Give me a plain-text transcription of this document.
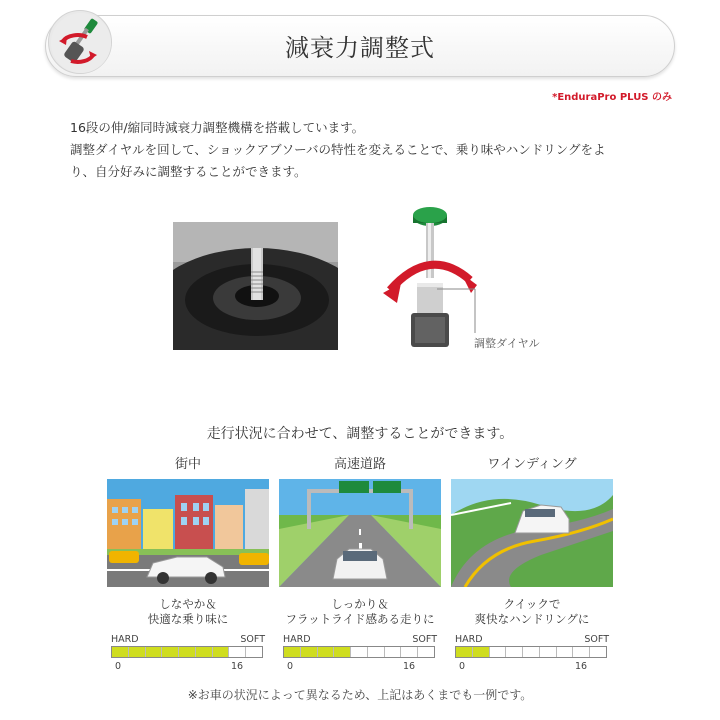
減衰力調整式
*EnduraPro PLUS のみ
16段の伸/縮同時減衰力調整機構を搭載しています。
調整ダイヤルを回して、ショックアブソーバの特性を変えることで、乗り味やハンドリングをよ
り、自分好みに調整することができます。
調整ダイヤル
走行状況に合わせて、調整することができます。
街中
しなやか＆
快適な乗り味に
HARD	SOFT
0	16
高速道路
しっかり＆
フラットライド感ある走りに
HARD	SOFT
0	16
ワインディング
クイックで
爽快なハンドリングに
HARD	SOFT
0	16
※お車の状況によって異なるため、上記はあくまでも一例です。
